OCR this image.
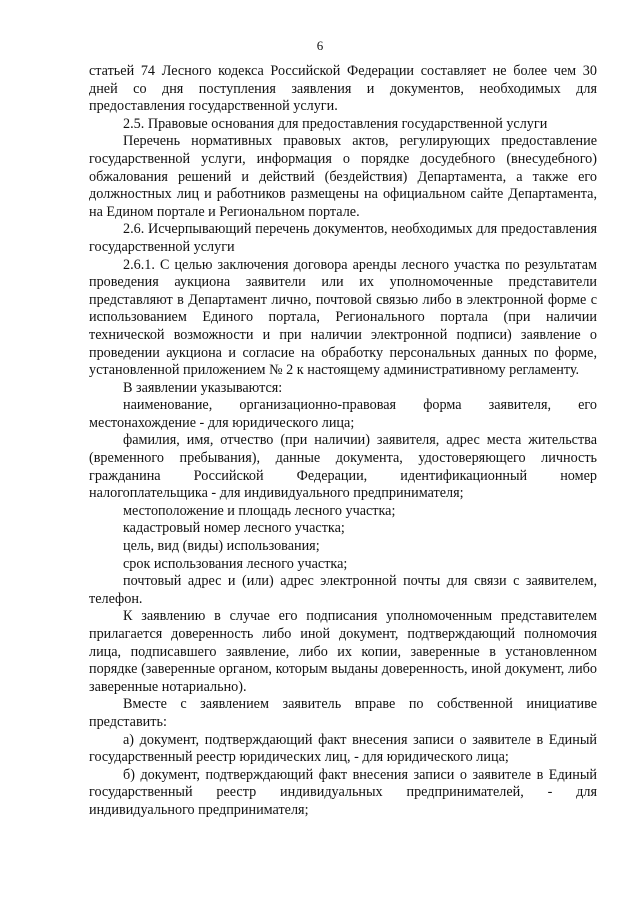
6

статьей 74 Лесного кодекса Российской Федерации составляет не более чем 30 дней со дня поступления заявления и документов, необходимых для предоставления государственной услуги.

2.5. Правовые основания для предоставления государственной услуги

Перечень нормативных правовых актов, регулирующих предоставление государственной услуги, информация о порядке досудебного (внесудебного) обжалования решений и действий (бездействия) Департамента, а также его должностных лиц и работников размещены на официальном сайте Департамента, на Едином портале и Региональном портале.

2.6. Исчерпывающий перечень документов, необходимых для предоставления государственной услуги

2.6.1. С целью заключения договора аренды лесного участка по результатам проведения аукциона заявители или их уполномоченные представители представляют в Департамент лично, почтовой связью либо в электронной форме с использованием Единого портала, Регионального портала (при наличии технической возможности и при наличии электронной подписи) заявление о проведении аукциона и согласие на обработку персональных данных по форме, установленной приложением № 2 к настоящему административному регламенту.

В заявлении указываются:

наименование, организационно-правовая форма заявителя, его местонахождение - для юридического лица;

фамилия, имя, отчество (при наличии) заявителя, адрес места жительства (временного пребывания), данные документа, удостоверяющего личность гражданина Российской Федерации, идентификационный номер налогоплательщика - для индивидуального предпринимателя;

местоположение и площадь лесного участка;

кадастровый номер лесного участка;

цель, вид (виды) использования;

срок использования лесного участка;

почтовый адрес и (или) адрес электронной почты для связи с заявителем, телефон.

К заявлению в случае его подписания уполномоченным представителем прилагается доверенность либо иной документ, подтверждающий полномочия лица, подписавшего заявление, либо их копии, заверенные в установленном порядке (заверенные органом, которым выданы доверенность, иной документ, либо заверенные нотариально).

Вместе с заявлением заявитель вправе по собственной инициативе представить:

а) документ, подтверждающий факт внесения записи о заявителе в Единый государственный реестр юридических лиц, - для юридического лица;

б) документ, подтверждающий факт внесения записи о заявителе в Единый государственный реестр индивидуальных предпринимателей, - для индивидуального предпринимателя;
